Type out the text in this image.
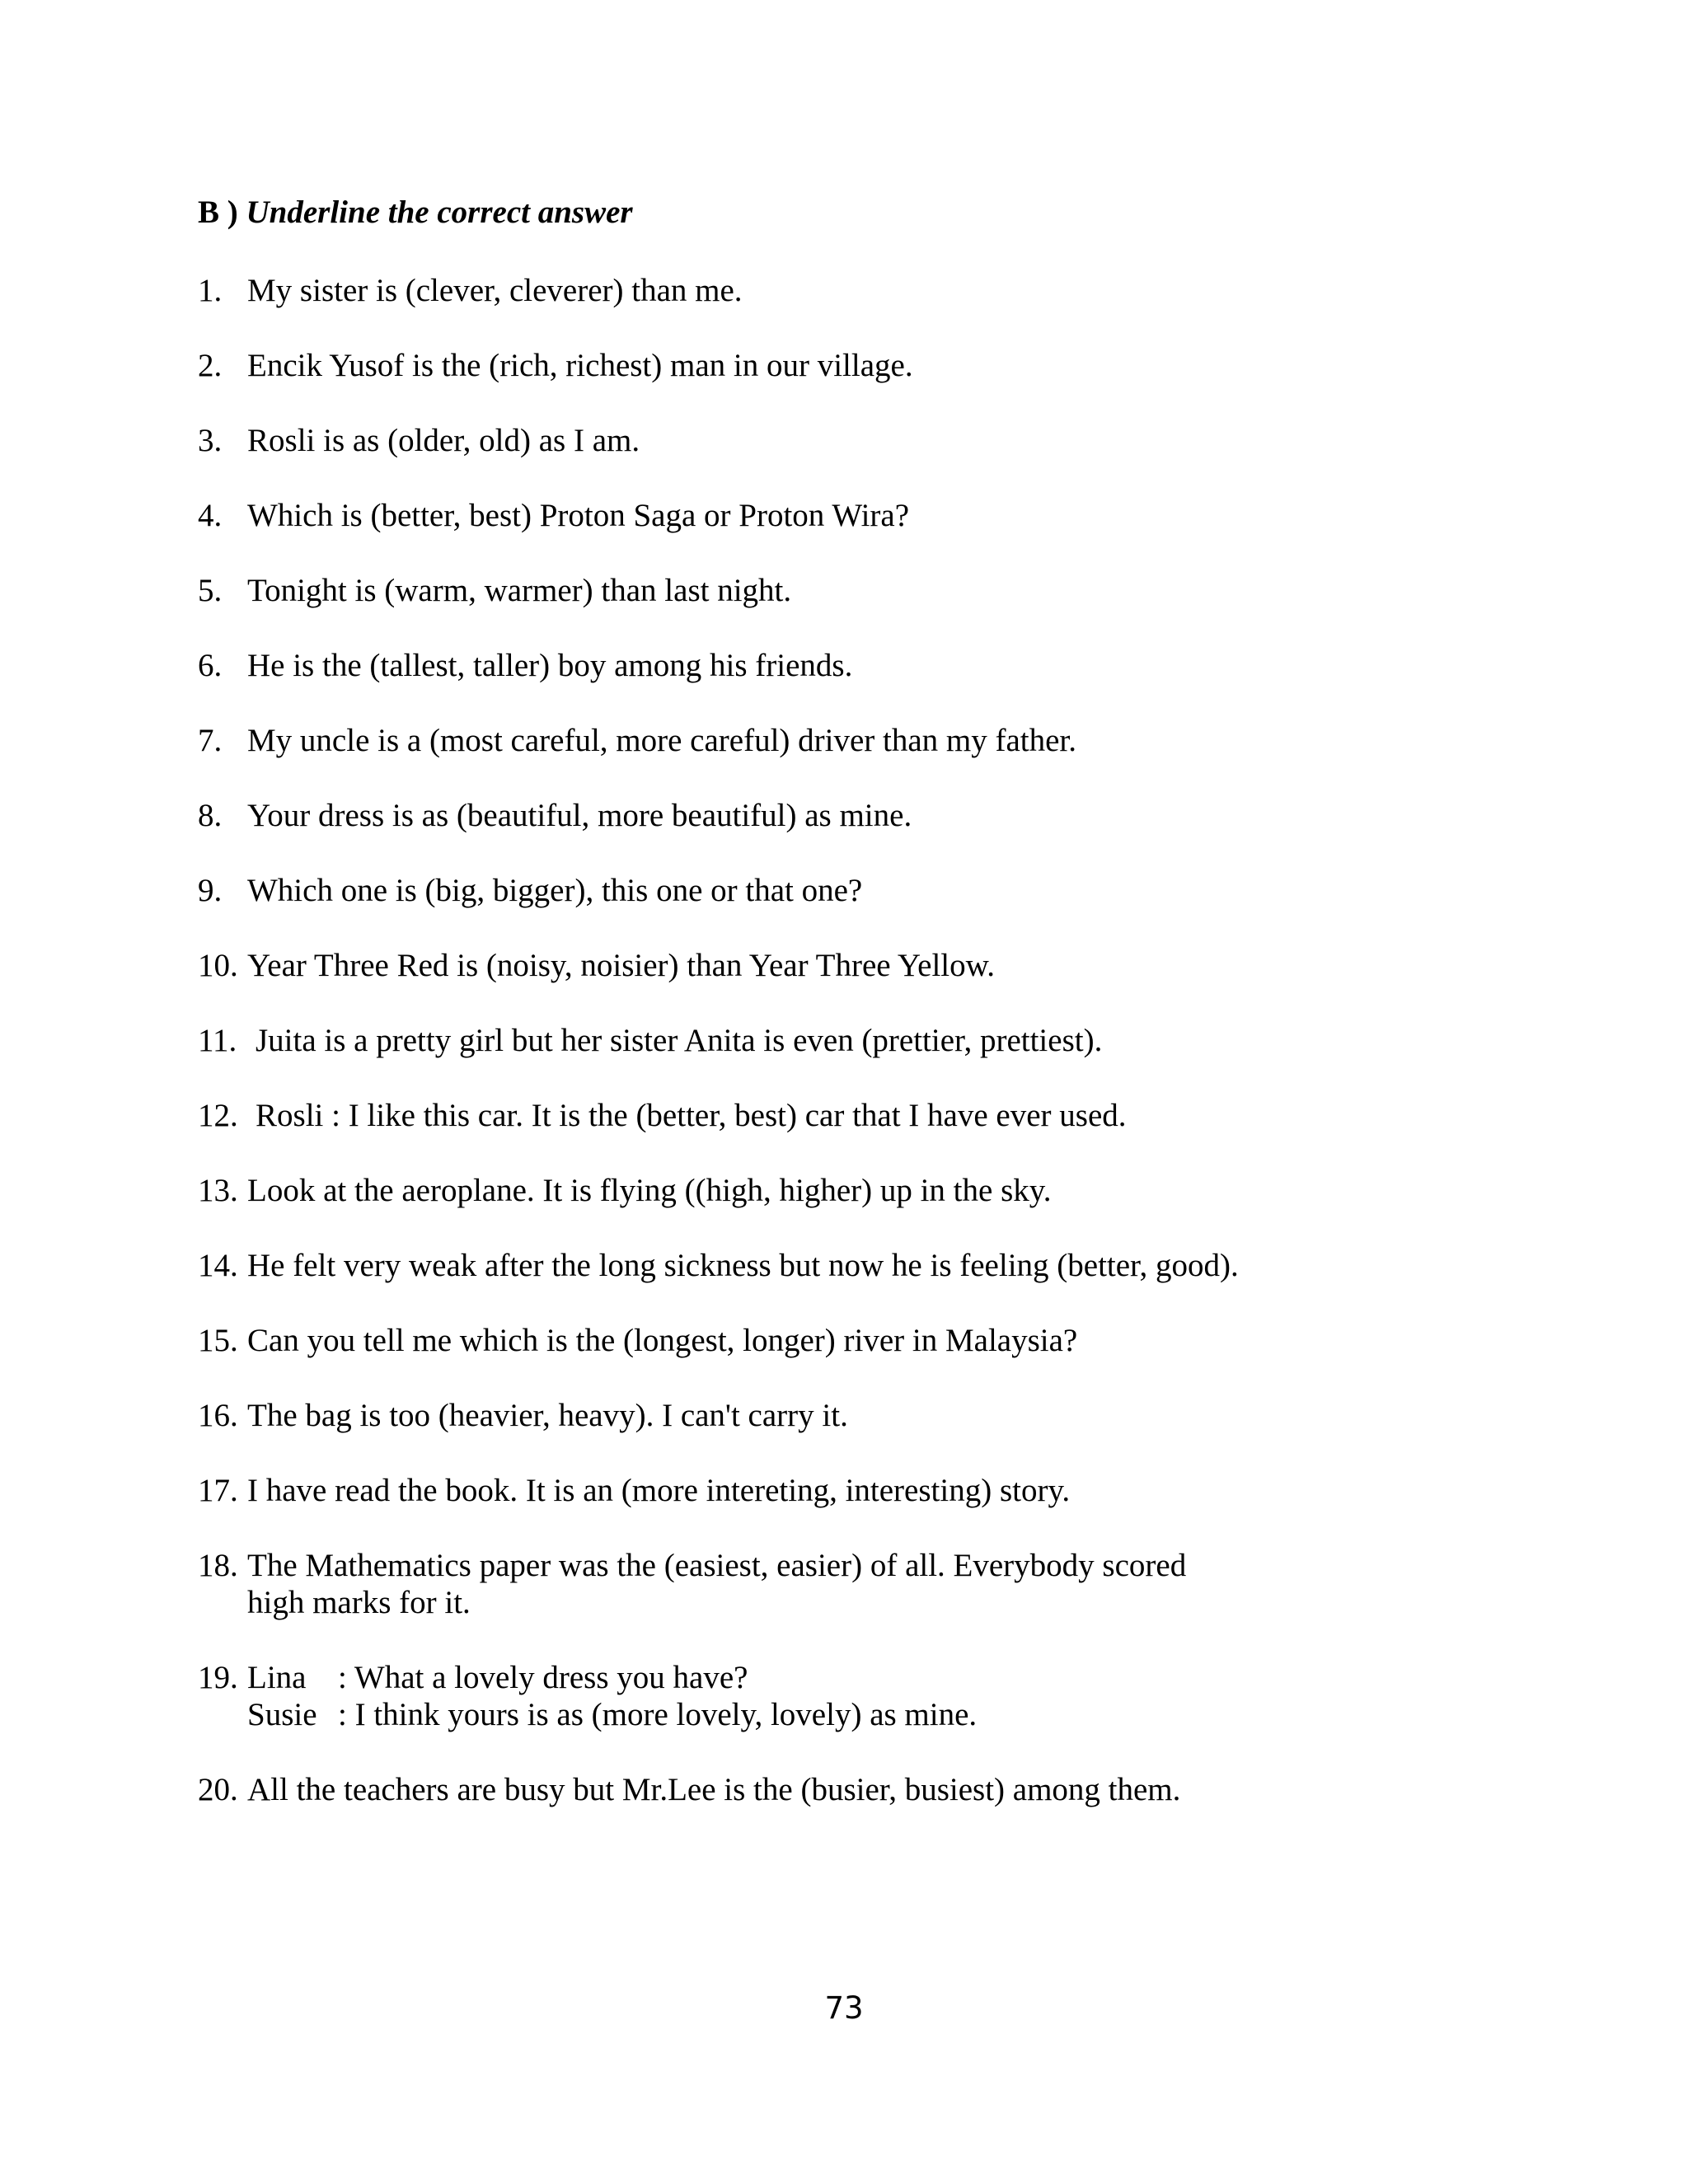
B ) Underline the correct answer
1. My sister is (clever, cleverer) than me.
2. Encik Yusof is the (rich, richest) man in our village.
3. Rosli is as (older, old) as I am.
4. Which is (better, best) Proton Saga or Proton Wira?
5. Tonight is (warm, warmer) than last night.
6. He is the (tallest, taller) boy among his friends.
7. My uncle is a (most careful, more careful) driver than my father.
8. Your dress is as (beautiful, more beautiful) as mine.
9. Which one is (big, bigger), this one or that one?
10. Year Three Red is (noisy, noisier) than Year Three Yellow.
11. Juita is a pretty girl but her sister Anita is even (prettier, prettiest).
12. Rosli : I like this car. It is the (better, best) car that I have ever used.
13. Look at the aeroplane. It is flying ((high, higher) up in the sky.
14. He felt very weak after the long sickness but now he is feeling (better, good).
15. Can you tell me which is the (longest, longer) river in Malaysia?
16. The bag is too (heavier, heavy). I can't carry it.
17. I have read the book. It is an (more intereting, interesting) story.
18. The Mathematics paper was the (easiest, easier) of all. Everybody scored
high marks for it.
19. Lina : What a lovely dress you have?
Susie : I think yours is as (more lovely, lovely) as mine.
20. All the teachers are busy but Mr.Lee is the (busier, busiest) among them.
73
